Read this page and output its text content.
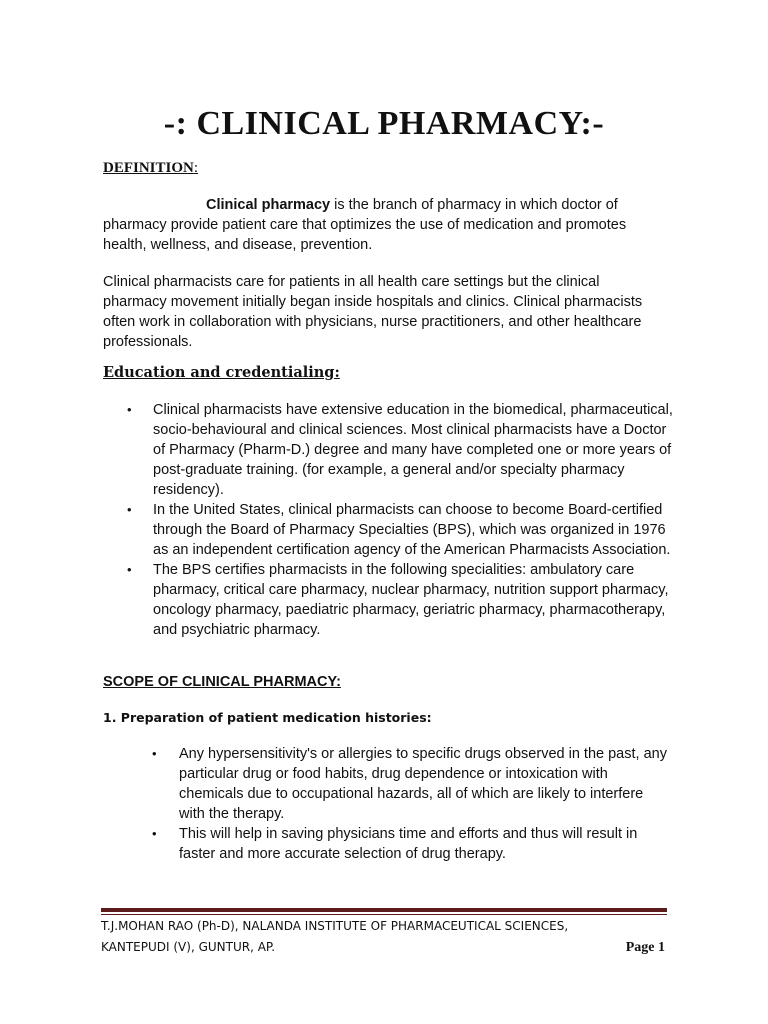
-: CLINICAL PHARMACY:-
DEFINITION:

Clinical pharmacy is the branch of pharmacy in which doctor of pharmacy provide patient care that optimizes the use of medication and promotes health, wellness, and disease, prevention.

Clinical pharmacists care for patients in all health care settings but the clinical pharmacy movement initially began inside hospitals and clinics. Clinical pharmacists often work in collaboration with physicians, nurse practitioners, and other healthcare professionals.

Education and credentialing:
• Clinical pharmacists have extensive education in the biomedical, pharmaceutical, socio-behavioural and clinical sciences. Most clinical pharmacists have a Doctor of Pharmacy (Pharm-D.) degree and many have completed one or more years of post-graduate training. (for example, a general and/or specialty pharmacy residency).
• In the United States, clinical pharmacists can choose to become Board-certified through the Board of Pharmacy Specialties (BPS), which was organized in 1976 as an independent certification agency of the American Pharmacists Association.
• The BPS certifies pharmacists in the following specialities: ambulatory care pharmacy, critical care pharmacy, nuclear pharmacy, nutrition support pharmacy, oncology pharmacy, paediatric pharmacy, geriatric pharmacy, pharmacotherapy, and psychiatric pharmacy.
SCOPE OF CLINICAL PHARMACY:
1. Preparation of patient medication histories:
• Any hypersensitivity's or allergies to specific drugs observed in the past, any particular drug or food habits, drug dependence or intoxication with chemicals due to occupational hazards, all of which are likely to interfere with the therapy.
• This will help in saving physicians time and efforts and thus will result in faster and more accurate selection of drug therapy.
T.J.MOHAN RAO (Ph-D), NALANDA INSTITUTE OF PHARMACEUTICAL SCIENCES,
KANTEPUDI (V), GUNTUR, AP.	Page 1
